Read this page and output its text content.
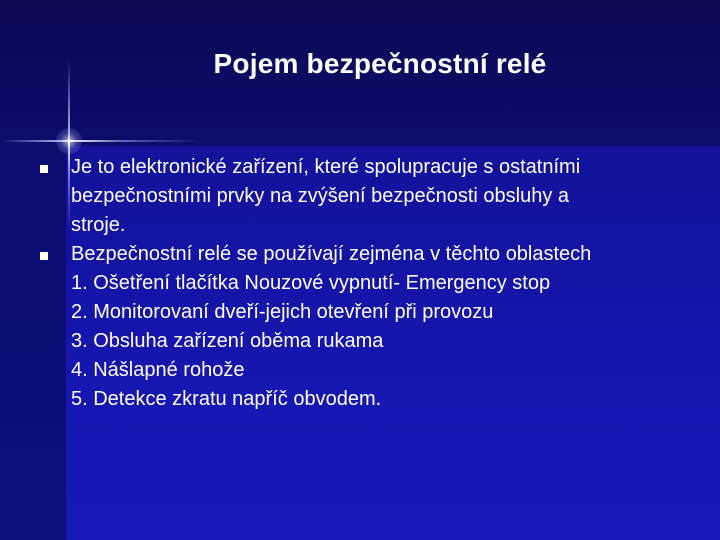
Pojem bezpečnostní relé
Je to elektronické zařízení, které spolupracuje s ostatními
bezpečnostními prvky na zvýšení bezpečnosti obsluhy a
stroje.
Bezpečnostní relé se používají zejména v těchto oblastech
1. Ošetření tlačítka Nouzové vypnutí- Emergency stop
2. Monitorovaní dveří-jejich otevření při provozu
3. Obsluha zařízení oběma rukama
4. Nášlapné rohože
5. Detekce zkratu napříč obvodem.
